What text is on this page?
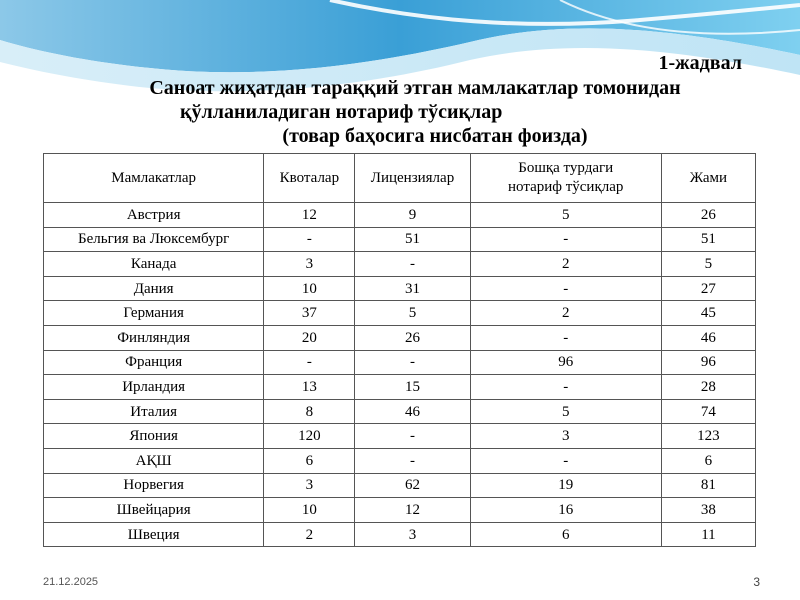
1-жадвал
Саноат жиҳатдан тараққий этган мамлакатлар томонидан
қўлланиладиган нотариф тўсиқлар
(товар баҳосига нисбатан фоизда)
Мамлакатлар	Квоталар	Лицензиялар	Бошқа турдаги нотариф тўсиқлар	Жами
Австрия	12	9	5	26
Бельгия ва Люксембург	-	51	-	51
Канада	3	-	2	5
Дания	10	31	-	27
Германия	37	5	2	45
Финляндия	20	26	-	46
Франция	-	-	96	96
Ирландия	13	15	-	28
Италия	8	46	5	74
Япония	120	-	3	123
АҚШ	6	-	-	6
Норвегия	3	62	19	81
Швейцария	10	12	16	38
Швеция	2	3	6	11
21.12.2025	3
